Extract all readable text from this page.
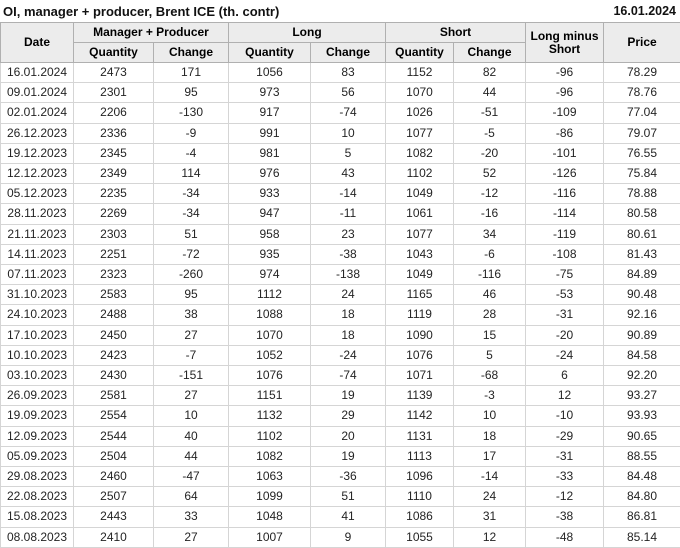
OI, manager + producer, Brent ICE (th. contr)	16.01.2024
Date	Manager + Producer		Long		Short		Long minus Short	Price
	Quantity	Change	Quantity	Change	Quantity	Change		
16.01.2024	2473	171	1056	83	1152	82	-96	78.29
09.01.2024	2301	95	973	56	1070	44	-96	78.76
02.01.2024	2206	-130	917	-74	1026	-51	-109	77.04
26.12.2023	2336	-9	991	10	1077	-5	-86	79.07
19.12.2023	2345	-4	981	5	1082	-20	-101	76.55
12.12.2023	2349	114	976	43	1102	52	-126	75.84
05.12.2023	2235	-34	933	-14	1049	-12	-116	78.88
28.11.2023	2269	-34	947	-11	1061	-16	-114	80.58
21.11.2023	2303	51	958	23	1077	34	-119	80.61
14.11.2023	2251	-72	935	-38	1043	-6	-108	81.43
07.11.2023	2323	-260	974	-138	1049	-116	-75	84.89
31.10.2023	2583	95	1112	24	1165	46	-53	90.48
24.10.2023	2488	38	1088	18	1119	28	-31	92.16
17.10.2023	2450	27	1070	18	1090	15	-20	90.89
10.10.2023	2423	-7	1052	-24	1076	5	-24	84.58
03.10.2023	2430	-151	1076	-74	1071	-68	6	92.20
26.09.2023	2581	27	1151	19	1139	-3	12	93.27
19.09.2023	2554	10	1132	29	1142	10	-10	93.93
12.09.2023	2544	40	1102	20	1131	18	-29	90.65
05.09.2023	2504	44	1082	19	1113	17	-31	88.55
29.08.2023	2460	-47	1063	-36	1096	-14	-33	84.48
22.08.2023	2507	64	1099	51	1110	24	-12	84.80
15.08.2023	2443	33	1048	41	1086	31	-38	86.81
08.08.2023	2410	27	1007	9	1055	12	-48	85.14
